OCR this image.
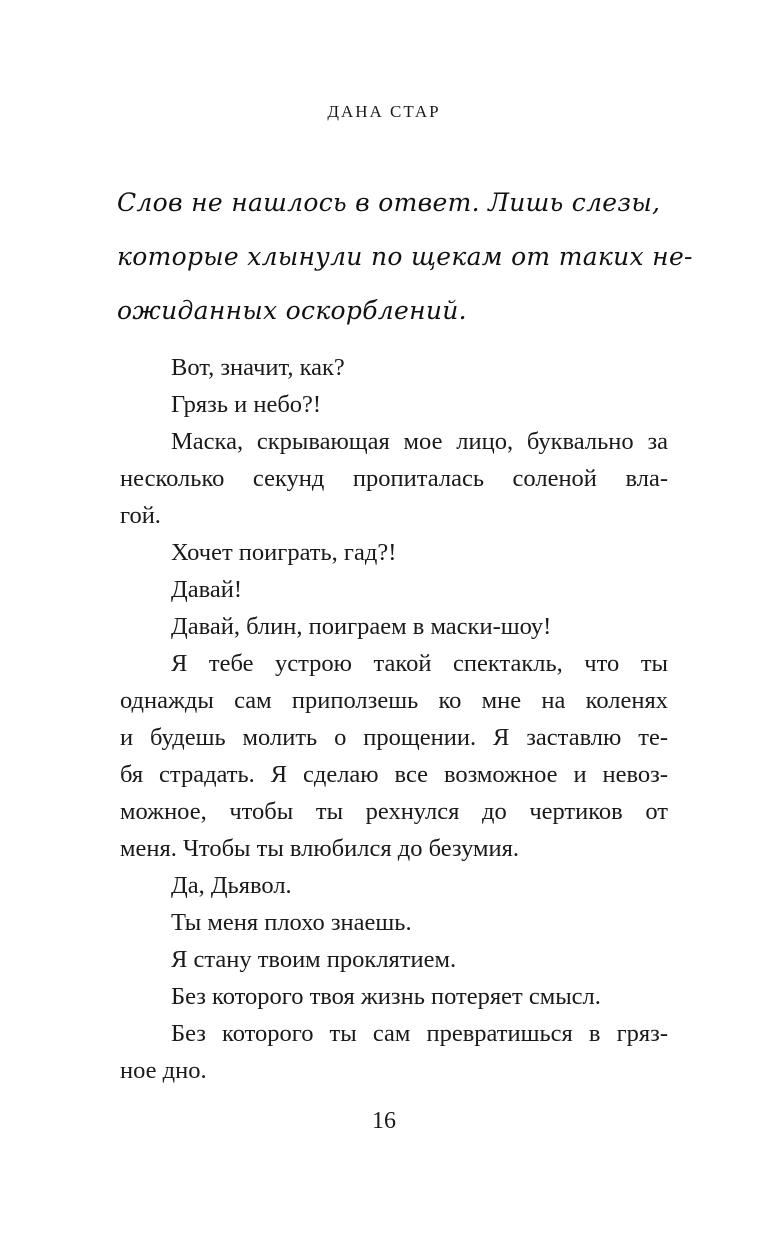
ДАНА СТАР
Слов не нашлось в ответ. Лишь слезы,
которые хлынули по щекам от таких не-
ожиданных оскорблений.

Вот, значит, как?

Грязь и небо?!

Маска, скрывающая мое лицо, буквально за
несколько секунд пропиталась соленой вла-
гой.

Хочет поиграть, гад?!

Давай!

Давай, блин, поиграем в маски-шоу!

Я тебе устрою такой спектакль, что ты
однажды сам приползешь ко мне на коленях
и будешь молить о прощении. Я заставлю те-
бя страдать. Я сделаю все возможное и невоз-
можное, чтобы ты рехнулся до чертиков от
меня. Чтобы ты влюбился до безумия.

Да, Дьявол.

Ты меня плохо знаешь.

Я стану твоим проклятием.

Без которого твоя жизнь потеряет смысл.

Без которого ты сам превратишься в гряз-
ное дно.

16
